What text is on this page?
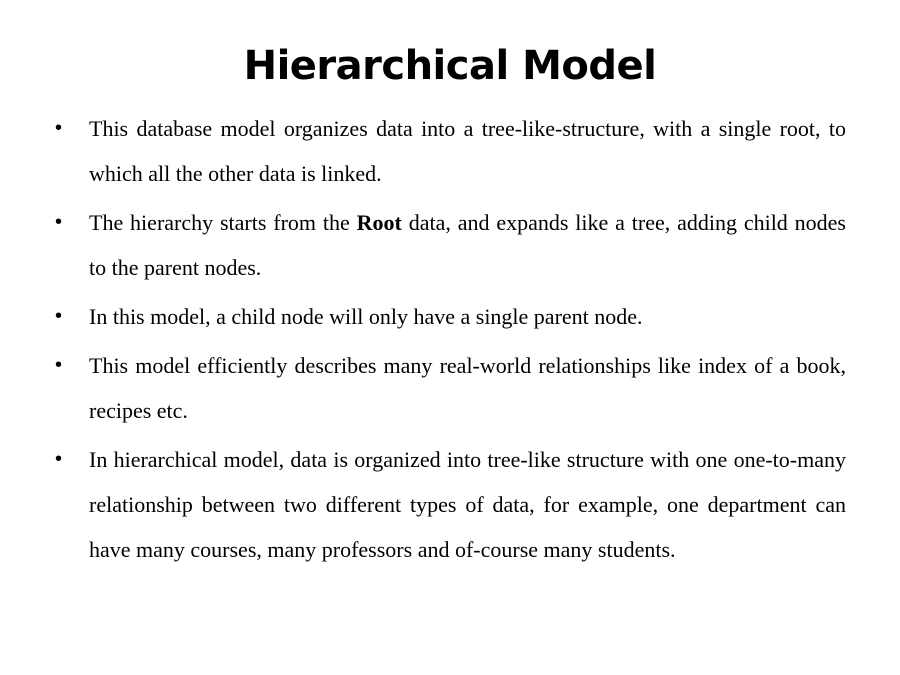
Hierarchical Model
• This database model organizes data into a tree-like-structure, with a single root, to which all the other data is linked.
• The hierarchy starts from the Root data, and expands like a tree, adding child nodes to the parent nodes.
• In this model, a child node will only have a single parent node.
• This model efficiently describes many real-world relationships like index of a book, recipes etc.
• In hierarchical model, data is organized into tree-like structure with one one-to-many relationship between two different types of data, for example, one department can have many courses, many professors and of-course many students.
